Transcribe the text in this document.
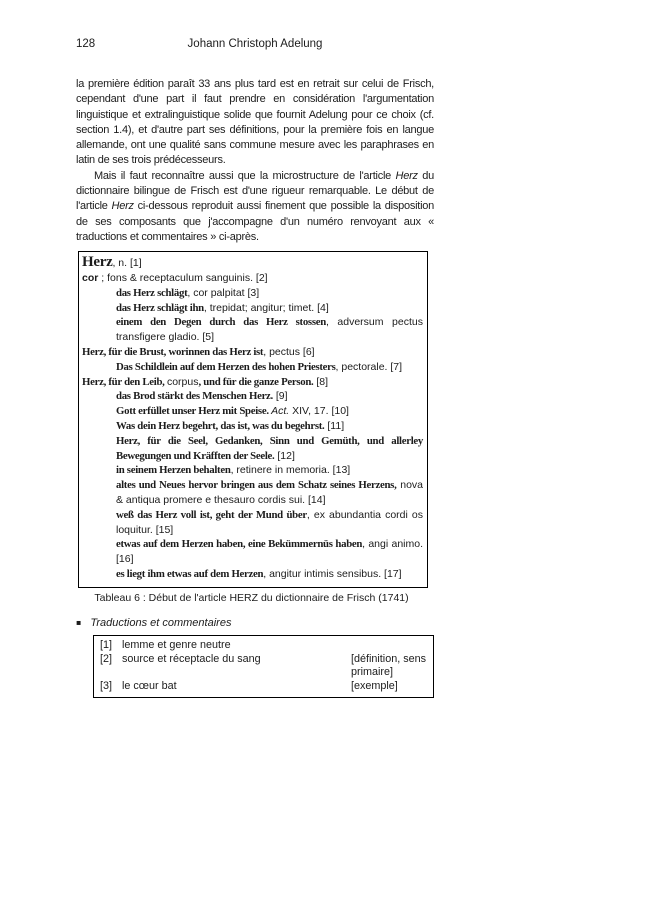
128	Johann Christoph Adelung
la première édition paraît 33 ans plus tard est en retrait sur celui de Frisch, cependant d'une part il faut prendre en considération l'argumentation linguistique et extralinguistique solide que fournit Adelung pour ce choix (cf. section 1.4), et d'autre part ses définitions, pour la première fois en langue allemande, ont une qualité sans commune mesure avec les paraphrases en latin de ses trois prédécesseurs.
Mais il faut reconnaître aussi que la microstructure de l'article Herz du dictionnaire bilingue de Frisch est d'une rigueur remarquable. Le début de l'article Herz ci-dessous reproduit aussi finement que possible la disposition de ses composants que j'accompagne d'un numéro renvoyant aux « traductions et commentaires » ci-après.
Herz, n. [1]
cor ; fons & receptaculum sanguinis. [2]
das Herz schlägt, cor palpitat [3]
das Herz schlägt ihn, trepidat; angitur; timet. [4]
einem den Degen durch das Herz stossen, adversum pectus transfigere gladio. [5]
Herz, für die Brust, worinnen das Herz ist, pectus [6]
Das Schildlein auf dem Herzen des hohen Priesters, pectorale. [7]
Herz, für den Leib, corpus, und für die ganze Person. [8]
das Brod stärkt des Menschen Herz. [9]
Gott erfüllet unser Herz mit Speise. Act. XIV, 17. [10]
Was dein Herz begehrt, das ist, was du begehrst. [11]
Herz, für die Seel, Gedanken, Sinn und Gemüth, und allerley Bewegungen und Kräfften der Seele. [12]
in seinem Herzen behalten, retinere in memoria. [13]
altes und Neues hervor bringen aus dem Schatz seines Herzens, nova & antiqua promere e thesauro cordis sui. [14]
weß das Herz voll ist, geht der Mund über, ex abundantia cordi os loquitur. [15]
etwas auf dem Herzen haben, eine Bekümmernüs haben, angi animo. [16]
es liegt ihm etwas auf dem Herzen, angitur intimis sensibus. [17]
Tableau 6 : Début de l'article HERZ du dictionnaire de Frisch (1741)
▪ Traductions et commentaires
[1] lemme et genre neutre
[2] source et réceptacle du sang	[définition, sens primaire]
[3] le cœur bat	[exemple]
